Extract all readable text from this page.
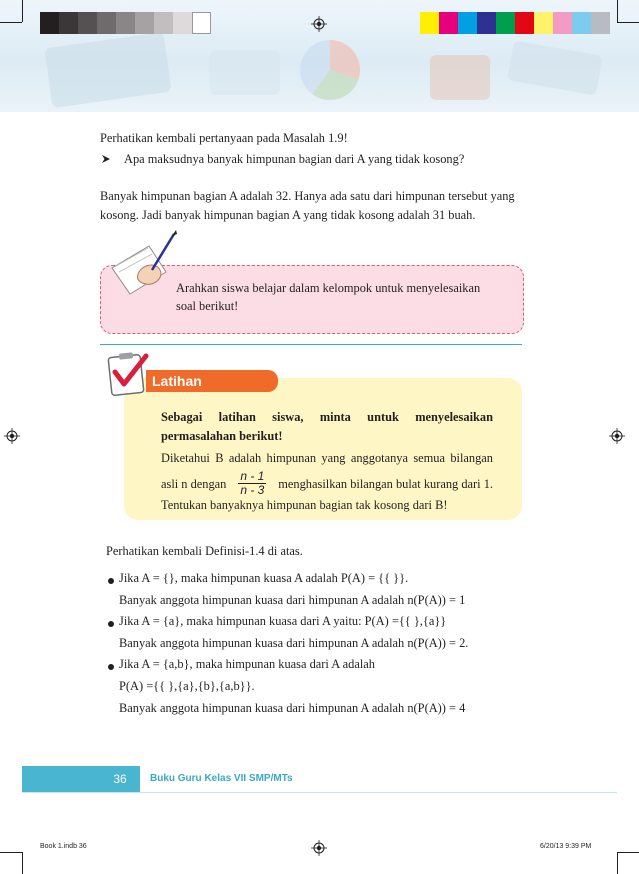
Perhatikan kembali pertanyaan pada Masalah 1.9!
Apa maksudnya banyak himpunan bagian dari A yang tidak kosong?
Banyak himpunan bagian A adalah 32. Hanya ada satu dari himpunan tersebut yang
kosong. Jadi banyak himpunan bagian A yang tidak kosong adalah 31 buah.
Arahkan siswa belajar dalam kelompok untuk menyelesaikan
soal berikut!
Latihan
Sebagai latihan siswa, minta untuk menyelesaikan
permasalahan berikut!
Diketahui B adalah himpunan yang anggotanya semua bilangan
asli n dengan $\frac{n - 1}{n - 3}$ menghasilkan bilangan bulat kurang dari 1.
Tentukan banyaknya himpunan bagian tak kosong dari B!
Perhatikan kembali Definisi-1.4 di atas.
Jika A = {}, maka himpunan kuasa A adalah P(A) = {{ }}.
Banyak anggota himpunan kuasa dari himpunan A adalah n(P(A)) = 1
Jika A = {a}, maka himpunan kuasa dari A yaitu: P(A) ={{ },{a}}
Banyak anggota himpunan kuasa dari himpunan A adalah n(P(A)) = 2.
Jika A = {a,b}, maka himpunan kuasa dari A adalah
P(A) ={{ },{a},{b},{a,b}}.
Banyak anggota himpunan kuasa dari himpunan A adalah n(P(A)) = 4
36	Buku Guru Kelas VII SMP/MTs
Book 1.indb 36	6/20/13 9:39 PM
